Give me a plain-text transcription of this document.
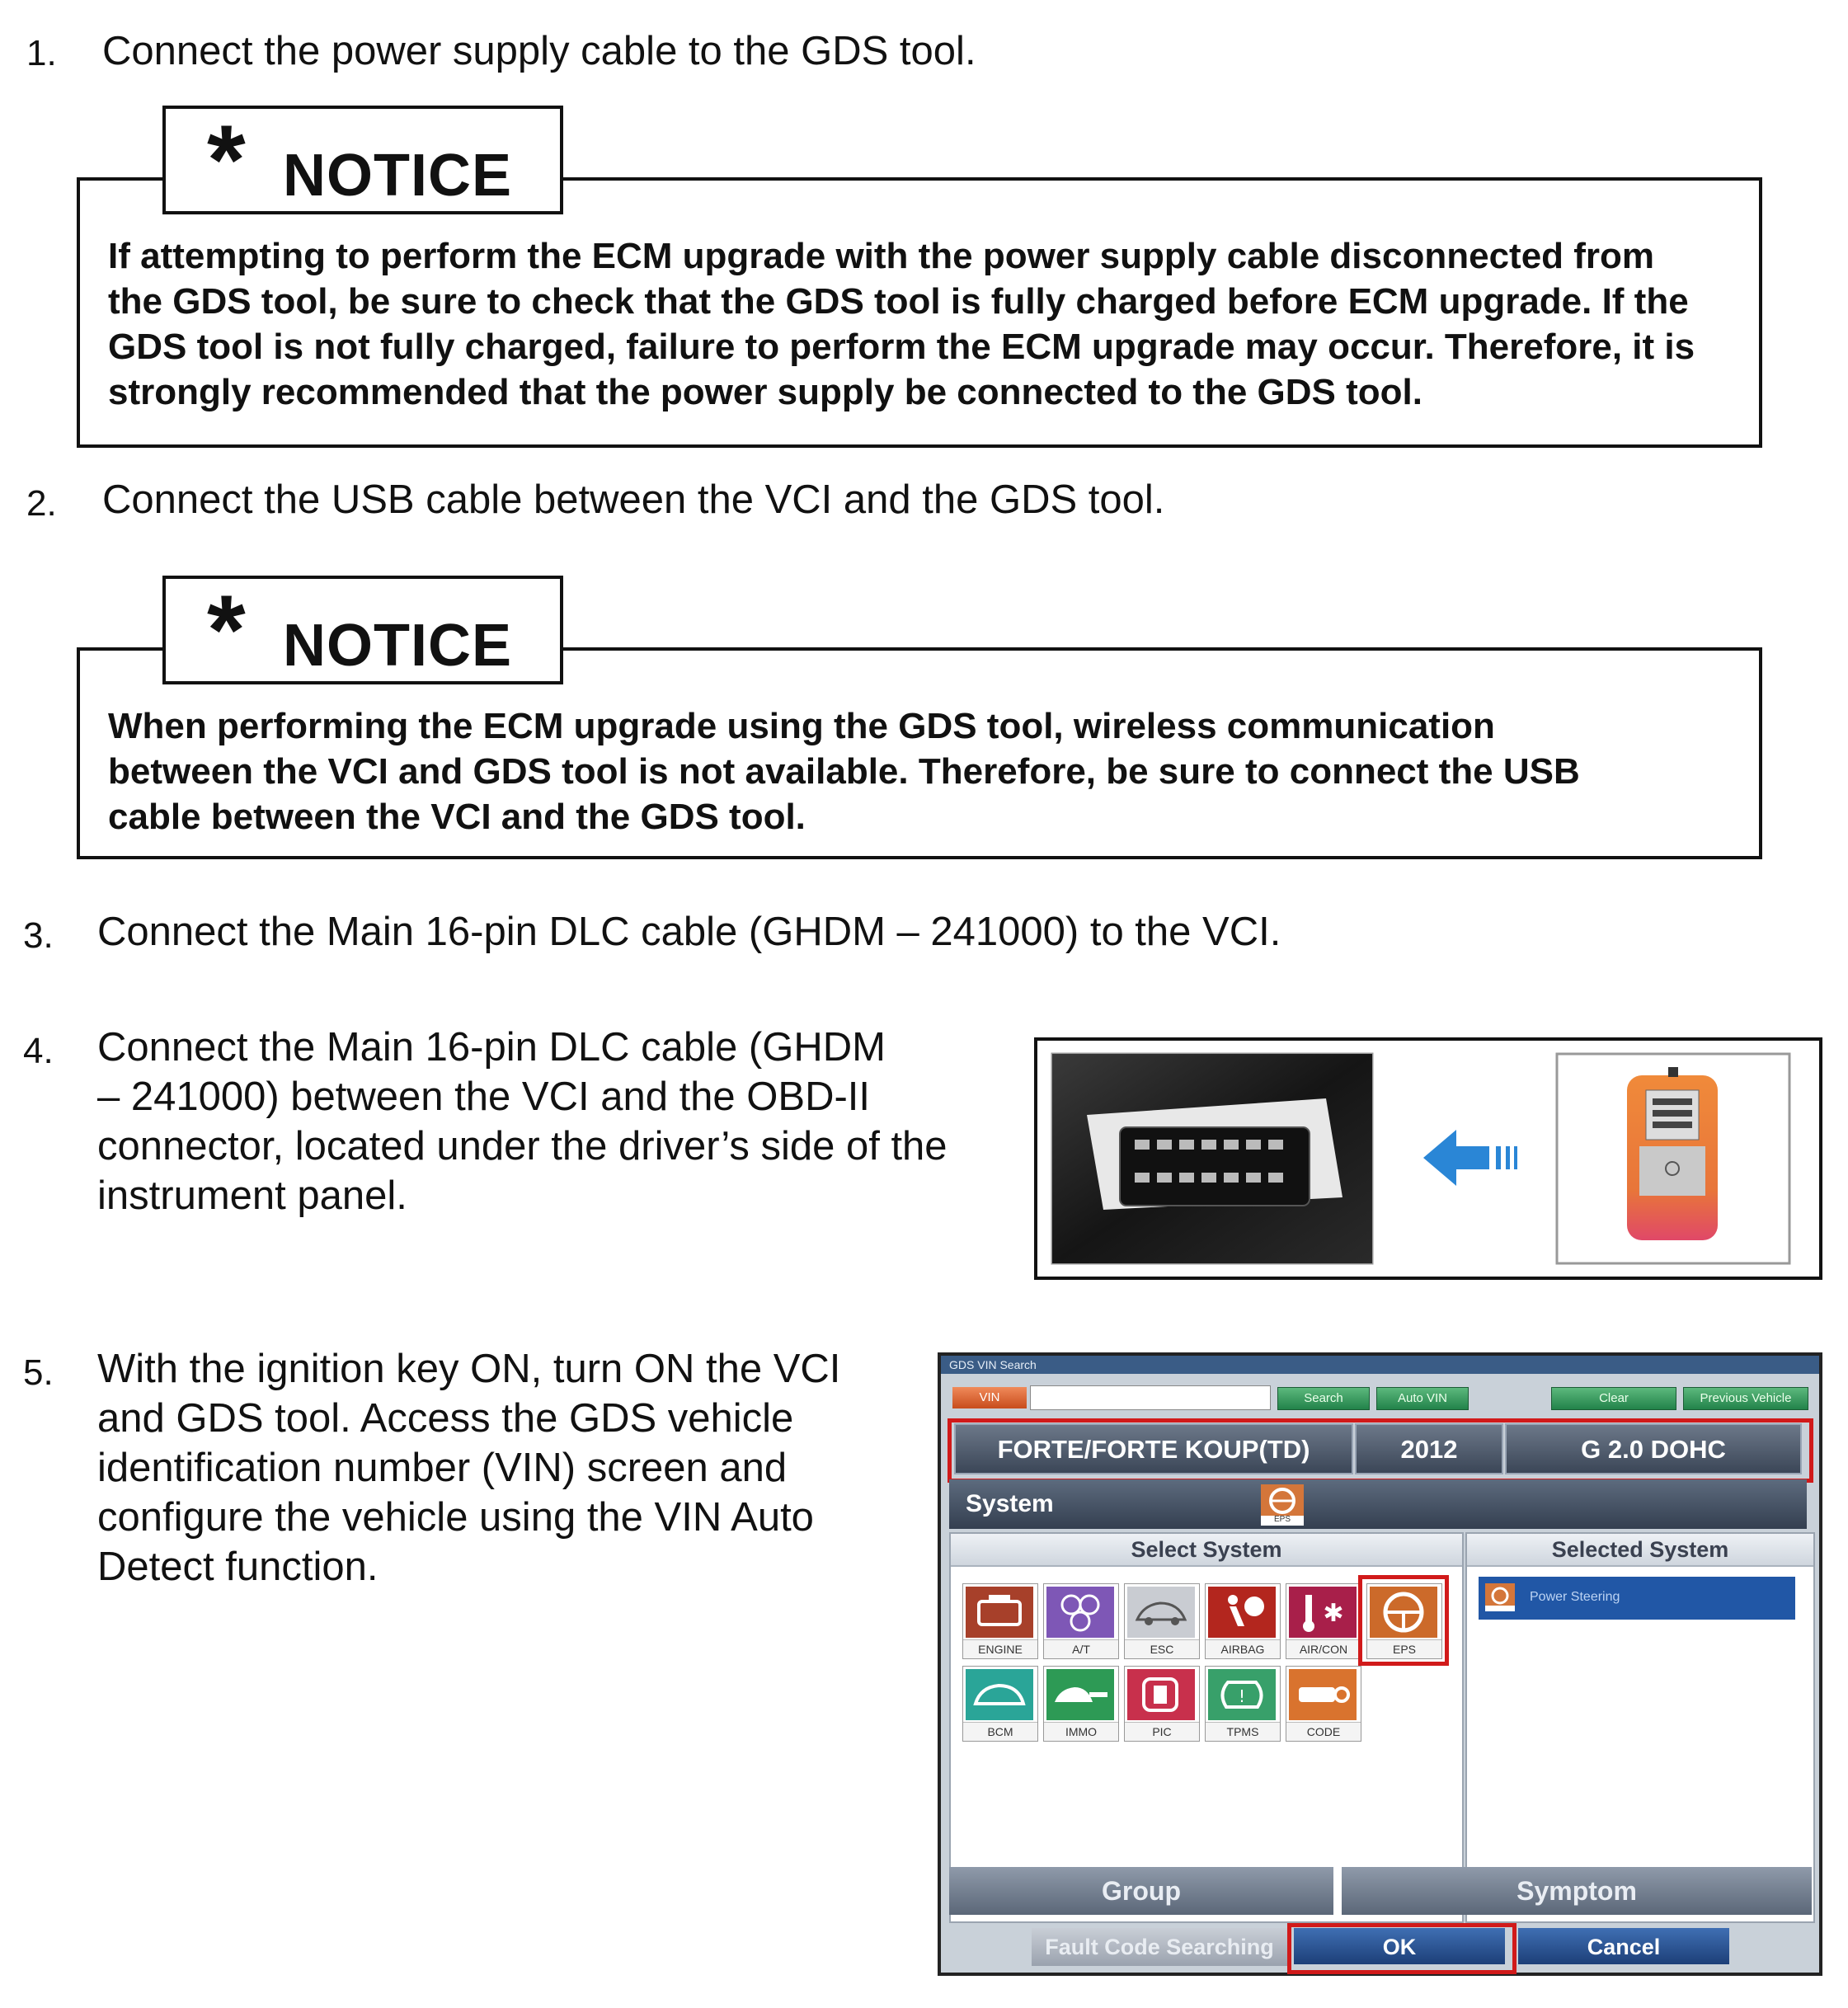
1. Connect the power supply cable to the GDS tool.
If attempting to perform the ECM upgrade with the power supply cable disconnected from
the GDS tool, be sure to check that the GDS tool is fully charged before ECM upgrade. If the
GDS tool is not fully charged, failure to perform the ECM upgrade may occur. Therefore, it is
strongly recommended that the power supply be connected to the GDS tool.
* NOTICE
2. Connect the USB cable between the VCI and the GDS tool.
When performing the ECM upgrade using the GDS tool, wireless communication
between the VCI and GDS tool is not available. Therefore, be sure to connect the USB
cable between the VCI and the GDS tool.
* NOTICE
3. Connect the Main 16-pin DLC cable (GHDM – 241000) to the VCI.
4. Connect the Main 16-pin DLC cable (GHDM
– 241000) between the VCI and the OBD-II
connector, located under the driver’s side of the
instrument panel.
5. With the ignition key ON, turn ON the VCI
and GDS tool. Access the GDS vehicle
identification number (VIN) screen and
configure the vehicle using the VIN Auto
Detect function.
GDS VIN Search
VIN	Search	Auto VIN	Clear	Previous Vehicle
FORTE/FORTE KOUP(TD)	2012	G 2.0 DOHC
System
EPS
Select System
ENGINE	A/T	ESC	AIRBAG
✱
AIR/CON	EPS
BCM	IMMO	PIC
!
TPMS	CODE
Selected System
Power Steering
Group	Symptom
Fault Code Searching	OK	Cancel
